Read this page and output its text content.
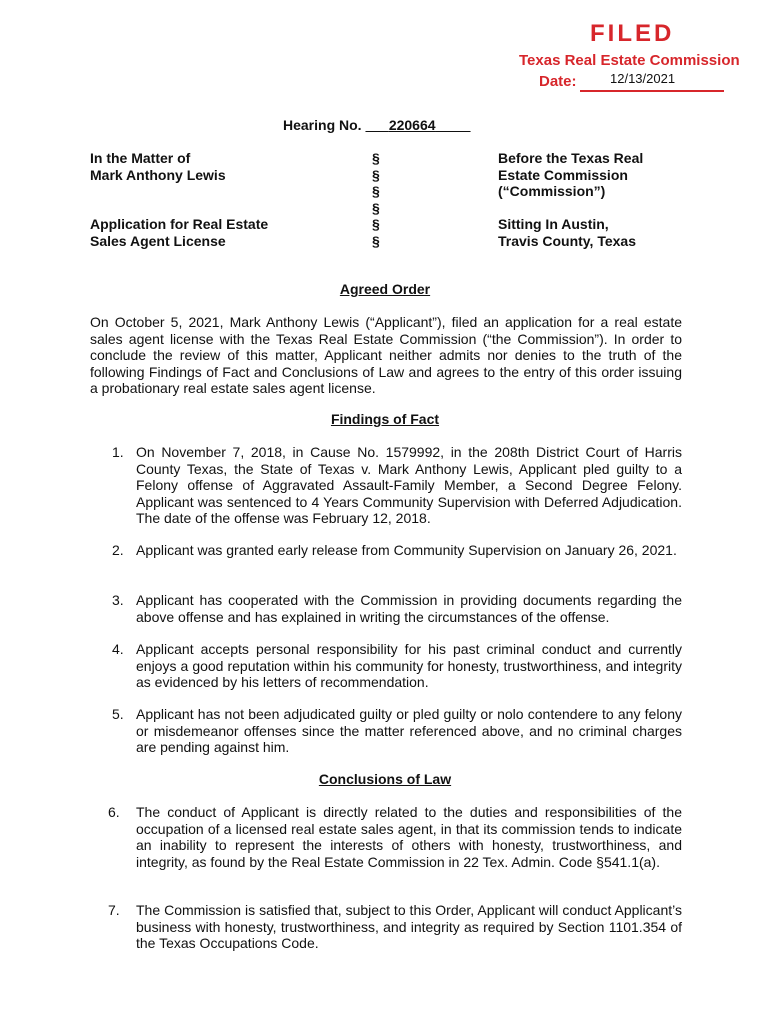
FILED

Texas Real Estate Commission

Date:	12/13/2021

Hearing No. 220664

In the Matter of

Mark Anthony Lewis

Application for Real Estate

Sales Agent License

§
§
§
§
§
§

Before the Texas Real

Estate Commission

(“Commission”)

Sitting In Austin,

Travis County, Texas

Agreed Order

On October 5, 2021, Mark Anthony Lewis (“Applicant”), filed an application for a real estate sales agent license with the Texas Real Estate Commission (“the Commission”). In order to conclude the review of this matter, Applicant neither admits nor denies to the truth of the following Findings of Fact and Conclusions of Law and agrees to the entry of this order issuing a probationary real estate sales agent license.

Findings of Fact

1. On November 7, 2018, in Cause No. 1579992, in the 208th District Court of Harris County Texas, the State of Texas v. Mark Anthony Lewis, Applicant pled guilty to a Felony offense of Aggravated Assault-Family Member, a Second Degree Felony. Applicant was sentenced to 4 Years Community Supervision with Deferred Adjudication. The date of the offense was February 12, 2018.

2. Applicant was granted early release from Community Supervision on January 26, 2021.

3. Applicant has cooperated with the Commission in providing documents regarding the above offense and has explained in writing the circumstances of the offense.

4. Applicant accepts personal responsibility for his past criminal conduct and currently enjoys a good reputation within his community for honesty, trustworthiness, and integrity as evidenced by his letters of recommendation.

5. Applicant has not been adjudicated guilty or pled guilty or nolo contendere to any felony or misdemeanor offenses since the matter referenced above, and no criminal charges are pending against him.

Conclusions of Law

6. The conduct of Applicant is directly related to the duties and responsibilities of the occupation of a licensed real estate sales agent, in that its commission tends to indicate an inability to represent the interests of others with honesty, trustworthiness, and integrity, as found by the Real Estate Commission in 22 Tex. Admin. Code §541.1(a).

7. The Commission is satisfied that, subject to this Order, Applicant will conduct Applicant’s business with honesty, trustworthiness, and integrity as required by Section 1101.354 of the Texas Occupations Code.
